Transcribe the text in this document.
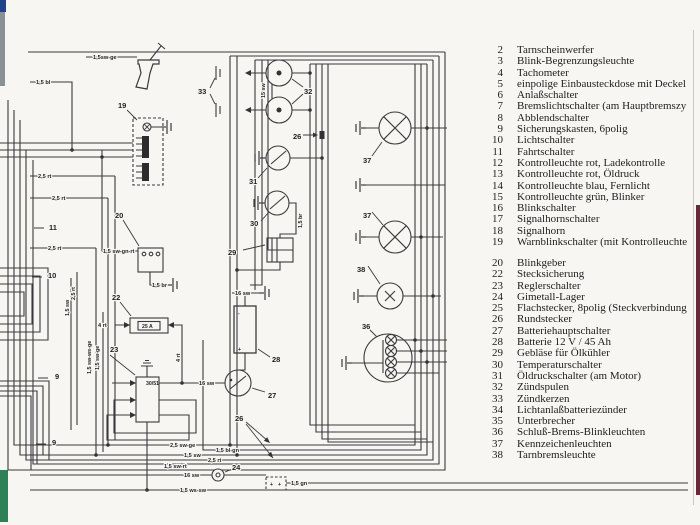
19
20
22
23
33	32
26
31
30
29
28
27
26
24
37
37
38
36
11
10
9
9
1,5sw-ge
1,5 bl
2,5 rt
2,5 rt
2,5 rt
4 rt
1,5 sw-gn-rt
1,5 br
16 sw
16 sw
2,5 sw-ge
1,5 bl-gn
1,5 sw
2,5 rt
1,5 sw-rt
16 sw
1,5 gn
1,5 ws-sw
15 sw
1,5 br
4 rt
2,5 rt
1,5 sw
1,5 sw-ws-ge 1,5 sw-ge
25 A
30/51
-
+
+ +
2 Tarnscheinwerfer
3 Blink-Begrenzungsleuchte
4 Tachometer
5 einpolige Einbausteckdose mit Deckel
6 Anlaßschalter
7 Bremslichtschalter (am Hauptbremszy
8 Abblendschalter
9 Sicherungskasten, 6polig
10 Lichtschalter
11 Fahrtschalter
12 Kontrolleuchte rot, Ladekontrolle
13 Kontrolleuchte rot, Öldruck
14 Kontrolleuchte blau, Fernlicht
15 Kontrolleuchte grün, Blinker
16 Blinkschalter
17 Signalhornschalter
18 Signalhorn
19 Warnblinkschalter (mit Kontrolleuchte
20 Blinkgeber
22 Stecksicherung
23 Reglerschalter
24 Gimetall-Lager
25 Flachstecker, 8polig (Steckverbindung
26 Rundstecker
27 Batteriehauptschalter
28 Batterie 12 V / 45 Ah
29 Gebläse für Ölkühler
30 Temperaturschalter
31 Öldruckschalter (am Motor)
32 Zündspulen
33 Zündkerzen
34 Lichtanlaßbatteriezünder
35 Unterbrecher
36 Schluß-Brems-Blinkleuchten
37 Kennzeichenleuchten
38 Tarnbremsleuchte
